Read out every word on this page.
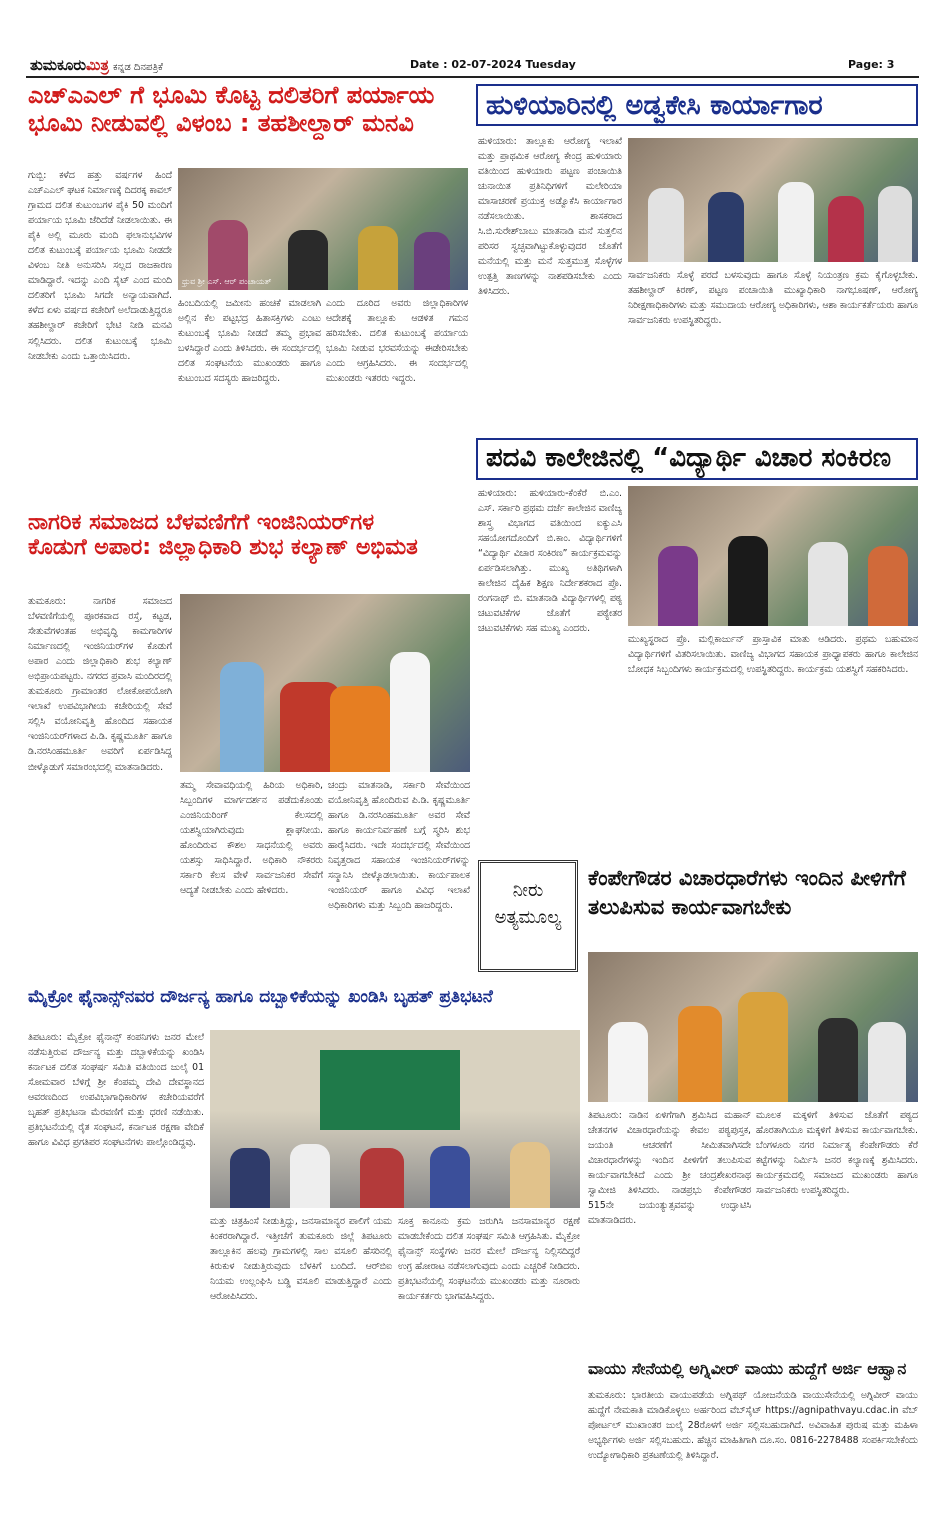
ತುಮಕೂರುಮಿತ್ರ ಕನ್ನಡ ದಿನಪತ್ರಿಕೆ	Date : 02-07-2024 Tuesday	Page: 3
ಎಚ್‌ಎಎಲ್ ಗೆ ಭೂಮಿ ಕೊಟ್ಟ ದಲಿತರಿಗೆ ಪರ್ಯಾಯ
ಭೂಮಿ ನೀಡುವಲ್ಲಿ ವಿಳಂಬ : ತಹಶೀಲ್ದಾರ್ ಮನವಿ
ಗುಬ್ಬಿ: ಕಳೆದ ಹತ್ತು ವರ್ಷಗಳ ಹಿಂದೆ ಎಚ್‌ಎಎಲ್ ಘಟಕ ನಿರ್ಮಾಣಕ್ಕೆ ದಿದರಕ್ಕ ಕಾವಲ್ ಗ್ರಾಮದ ದಲಿತ ಕುಟುಂಬಗಳ ಪೈಕಿ 50 ಮಂದಿಗೆ ಪರ್ಯಾಯ ಭೂಮಿ ಜೆರಿದೆಡೆ ನೀಡಲಾಯಿತು. ಈ ಪೈಕಿ ಅಲ್ಲಿ ಮೂರು ಮಂದಿ ಫಲಾನುಭವಿಗಳ ದಲಿತ ಕುಟುಂಬಕ್ಕೆ ಪರ್ಯಾಯ ಭೂಮಿ ನೀಡದೇ ವಿಳಂಬ ನೀತಿ ಅನುಸರಿಸಿ ಸಲ್ಲದ ರಾಜಕಾರಣ ಮಾಡಿದ್ದಾರೆ. ಇದನ್ನು ಎಂದಿ ಸೈಟ್ ಎಂದ ಮಂದಿ ದಲಿತರಿಗೆ ಭೂಮಿ ಸಿಗದೇ ಅನ್ಯಾಯವಾಗಿದೆ. ಕಳೆದ ಏಳು ವರ್ಷದ ಕಚೇರಿಗೆ ಅಲೆದಾಡುತ್ತಿದ್ದರೂ ತಹಶೀಲ್ದಾರ್ ಕಚೇರಿಗೆ ಭೇಟಿ ನೀಡಿ ಮನವಿ ಸಲ್ಲಿಸಿದರು. ದಲಿತ ಕುಟುಂಬಕ್ಕೆ ಭೂಮಿ ನೀಡಬೇಕು ಎಂದು ಒತ್ತಾಯಿಸಿದರು.
ಧ್ರುವ ಶ್ರೀ ಎಸ್. ಆರ್ ಪಂಚಾಯತ್
ಹಿಂಬದಿಯಲ್ಲಿ ಜಮೀನು ಹಂಚಿಕೆ ಮಾಡಲಾಗಿ ಅಲ್ಲಿನ ಕೆಲ ಪಟ್ಟಭದ್ರ ಹಿತಾಸಕ್ತಿಗಳು ಎಂಟು ಕುಟುಂಬಕ್ಕೆ ಭೂಮಿ ನೀಡದೆ ತಮ್ಮ ಪ್ರಭಾವ ಬಳಸಿದ್ದಾರೆ ಎಂದು ತಿಳಿಸಿದರು. ಈ ಸಂದರ್ಭದಲ್ಲಿ ದಲಿತ ಸಂಘಟನೆಯ ಮುಖಂಡರು ಹಾಗೂ ಕುಟುಂಬದ ಸದಸ್ಯರು ಹಾಜರಿದ್ದರು.
ಎಂದು ದೂರಿದ ಅವರು ಜಿಲ್ಲಾಧಿಕಾರಿಗಳ ಆದೇಶಕ್ಕೆ ತಾಲ್ಲೂಕು ಆಡಳಿತ ಗಮನ ಹರಿಸಬೇಕು. ದಲಿತ ಕುಟುಂಬಕ್ಕೆ ಪರ್ಯಾಯ ಭೂಮಿ ನೀಡುವ ಭರವಸೆಯನ್ನು ಈಡೇರಿಸಬೇಕು ಎಂದು ಆಗ್ರಹಿಸಿದರು. ಈ ಸಂದರ್ಭದಲ್ಲಿ ಮುಖಂಡರು ಇತರರು ಇದ್ದರು.
ಹುಳಿಯಾರಿನಲ್ಲಿ ಅಡ್ವಕೇಸಿ ಕಾರ್ಯಾಗಾರ
ಹುಳಿಯಾರು: ತಾಲ್ಲೂಕು ಆರೋಗ್ಯ ಇಲಾಖೆ ಮತ್ತು ಪ್ರಾಥಮಿಕ ಆರೋಗ್ಯ ಕೇಂದ್ರ ಹುಳಿಯಾರು ವತಿಯಿಂದ ಹುಳಿಯಾರು ಪಟ್ಟಣ ಪಂಚಾಯಿತಿ ಚುನಾಯಿತ ಪ್ರತಿನಿಧಿಗಳಿಗೆ ಮಲೇರಿಯಾ ಮಾಸಾಚರಣೆ ಪ್ರಯುಕ್ತ ಅಡ್ವೊಕೆಸಿ ಕಾರ್ಯಾಗಾರ ನಡೆಸಲಾಯಿತು. ಶಾಸಕರಾದ ಸಿ.ಬಿ.ಸುರೇಶ್‌ಬಾಬು ಮಾತನಾಡಿ ಮನೆ ಸುತ್ತಲಿನ ಪರಿಸರ ಸ್ವಚ್ಛವಾಗಿಟ್ಟುಕೊಳ್ಳುವುದರ ಜೊತೆಗೆ ಮನೆಯಲ್ಲಿ ಮತ್ತು ಮನೆ ಸುತ್ತಮುತ್ತ ಸೊಳ್ಳೆಗಳ ಉತ್ಪತ್ತಿ ತಾಣಗಳನ್ನು ನಾಶಪಡಿಸಬೇಕು ಎಂದು ತಿಳಿಸಿದರು.
ಸಾರ್ವಜನಿಕರು ಸೊಳ್ಳೆ ಪರದೆ ಬಳಸುವುದು ಹಾಗೂ ಸೊಳ್ಳೆ ನಿಯಂತ್ರಣ ಕ್ರಮ ಕೈಗೊಳ್ಳಬೇಕು. ತಹಶೀಲ್ದಾರ್ ಕಿರಣ್, ಪಟ್ಟಣ ಪಂಚಾಯಿತಿ ಮುಖ್ಯಾಧಿಕಾರಿ ನಾಗಭೂಷಣ್, ಆರೋಗ್ಯ ನಿರೀಕ್ಷಣಾಧಿಕಾರಿಗಳು ಮತ್ತು ಸಮುದಾಯ ಆರೋಗ್ಯ ಅಧಿಕಾರಿಗಳು, ಆಶಾ ಕಾರ್ಯಕರ್ತೆಯರು ಹಾಗೂ ಸಾರ್ವಜನಿಕರು ಉಪಸ್ಥಿತರಿದ್ದರು.
ಪದವಿ ಕಾಲೇಜಿನಲ್ಲಿ “ವಿದ್ಯಾರ್ಥಿ ವಿಚಾರ ಸಂಕಿರಣ
ಹುಳಿಯಾರು: ಹುಳಿಯಾರು-ಕೆಂಕೆರೆ ಬಿ.ಎಂ. ಎಸ್. ಸರ್ಕಾರಿ ಪ್ರಥಮ ದರ್ಜೆ ಕಾಲೇಜಿನ ವಾಣಿಜ್ಯ ಶಾಸ್ತ್ರ ವಿಭಾಗದ ವತಿಯಿಂದ ಐಕ್ಯುಎಸಿ ಸಹಯೋಗದೊಂದಿಗೆ ಬಿ.ಕಾಂ. ವಿದ್ಯಾರ್ಥಿಗಳಿಗೆ “ವಿದ್ಯಾರ್ಥಿ ವಿಚಾರ ಸಂಕಿರಣ” ಕಾರ್ಯಕ್ರಮವನ್ನು ಏರ್ಪಡಿಸಲಾಗಿತ್ತು. ಮುಖ್ಯ ಅತಿಥಿಗಳಾಗಿ ಕಾಲೇಜಿನ ದೈಹಿಕ ಶಿಕ್ಷಣ ನಿರ್ದೇಶಕರಾದ ಪ್ರೊ. ರಂಗನಾಥ್ ಬಿ. ಮಾತನಾಡಿ ವಿದ್ಯಾರ್ಥಿಗಳಲ್ಲಿ ಪಠ್ಯ ಚಟುವಟಿಕೆಗಳ ಜೊತೆಗೆ ಪಠ್ಯೇತರ ಚಟುವಟಿಕೆಗಳು ಸಹ ಮುಖ್ಯ ಎಂದರು.
ಮುಖ್ಯಸ್ಥರಾದ ಪ್ರೊ. ಮಲ್ಲಿಕಾರ್ಜುನ್ ಪ್ರಾಸ್ತಾವಿಕ ಮಾತು ಆಡಿದರು. ಪ್ರಥಮ ಬಹುಮಾನ ವಿದ್ಯಾರ್ಥಿಗಳಿಗೆ ವಿತರಿಸಲಾಯಿತು. ವಾಣಿಜ್ಯ ವಿಭಾಗದ ಸಹಾಯಕ ಪ್ರಾಧ್ಯಾಪಕರು ಹಾಗೂ ಕಾಲೇಜಿನ ಬೋಧಕ ಸಿಬ್ಬಂದಿಗಳು ಕಾರ್ಯಕ್ರಮದಲ್ಲಿ ಉಪಸ್ಥಿತರಿದ್ದರು. ಕಾರ್ಯಕ್ರಮ ಯಶಸ್ವಿಗೆ ಸಹಕರಿಸಿದರು.
ನಾಗರಿಕ ಸಮಾಜದ ಬೆಳವಣಿಗೆಗೆ ಇಂಜಿನಿಯರ್‌ಗಳ
ಕೊಡುಗೆ ಅಪಾರ: ಜಿಲ್ಲಾಧಿಕಾರಿ ಶುಭ ಕಲ್ಯಾಣ್ ಅಭಿಮತ
ತುಮಕೂರು: ನಾಗರಿಕ ಸಮಾಜದ ಬೆಳವಣಿಗೆಯಲ್ಲಿ ಪೂರಕವಾದ ರಸ್ತೆ, ಕಟ್ಟಡ, ಸೇತುವೆಗಳಂತಹ ಅಭಿವೃದ್ಧಿ ಕಾಮಗಾರಿಗಳ ನಿರ್ಮಾಣದಲ್ಲಿ ಇಂಜಿನಿಯರ್‌ಗಳ ಕೊಡುಗೆ ಅಪಾರ ಎಂದು ಜಿಲ್ಲಾಧಿಕಾರಿ ಶುಭ ಕಲ್ಯಾಣ್ ಅಭಿಪ್ರಾಯಪಟ್ಟರು. ನಗರದ ಪ್ರವಾಸಿ ಮಂದಿರದಲ್ಲಿ ತುಮಕೂರು ಗ್ರಾಮಾಂತರ ಲೋಕೋಪಯೋಗಿ ಇಲಾಖೆ ಉಪವಿಭಾಗೀಯ ಕಚೇರಿಯಲ್ಲಿ ಸೇವೆ ಸಲ್ಲಿಸಿ ವಯೋನಿವೃತ್ತಿ ಹೊಂದಿದ ಸಹಾಯಕ ಇಂಜಿನಿಯರ್‌ಗಳಾದ ಪಿ.ಡಿ. ಕೃಷ್ಣಮೂರ್ತಿ ಹಾಗೂ ಡಿ.ನರಸಿಂಹಮೂರ್ತಿ ಅವರಿಗೆ ಏರ್ಪಡಿಸಿದ್ದ ಬೀಳ್ಕೊಡುಗೆ ಸಮಾರಂಭದಲ್ಲಿ ಮಾತನಾಡಿದರು.
ತಮ್ಮ ಸೇವಾವಧಿಯಲ್ಲಿ ಹಿರಿಯ ಅಧಿಕಾರಿ, ಸಿಬ್ಬಂದಿಗಳ ಮಾರ್ಗದರ್ಶನ ಪಡೆದುಕೊಂಡು ಎಂಜಿನಿಯರಿಂಗ್ ಕೆಲಸದಲ್ಲಿ ಯಶಸ್ವಿಯಾಗಿರುವುದು ಶ್ಲಾಘನೀಯ. ಹೊಂದಿರುವ ಕೌಶಲ ಸಾಧನೆಯಲ್ಲಿ ಅವರು ಯಶಸ್ಸು ಸಾಧಿಸಿದ್ದಾರೆ. ಅಧಿಕಾರಿ ನೌಕರರು ಸರ್ಕಾರಿ ಕೆಲಸ ವೇಳೆ ಸಾರ್ವಜನಿಕರ ಸೇವೆಗೆ ಆದ್ಯತೆ ನೀಡಬೇಕು ಎಂದು ಹೇಳಿದರು.
ಚಂದ್ರು ಮಾತನಾಡಿ, ಸರ್ಕಾರಿ ಸೇವೆಯಿಂದ ವಯೋನಿವೃತ್ತಿ ಹೊಂದಿರುವ ಪಿ.ಡಿ. ಕೃಷ್ಣಮೂರ್ತಿ ಹಾಗೂ ಡಿ.ನರಸಿಂಹಮೂರ್ತಿ ಅವರ ಸೇವೆ ಹಾಗೂ ಕಾರ್ಯನಿರ್ವಹಣೆ ಬಗ್ಗೆ ಸ್ಮರಿಸಿ ಶುಭ ಹಾರೈಸಿದರು. ಇದೇ ಸಂದರ್ಭದಲ್ಲಿ ಸೇವೆಯಿಂದ ನಿವೃತ್ತರಾದ ಸಹಾಯಕ ಇಂಜಿನಿಯರ್‌ಗಳನ್ನು ಸನ್ಮಾನಿಸಿ ಬೀಳ್ಕೊಡಲಾಯಿತು. ಕಾರ್ಯಪಾಲಕ ಇಂಜಿನಿಯರ್ ಹಾಗೂ ವಿವಿಧ ಇಲಾಖೆ ಅಧಿಕಾರಿಗಳು ಮತ್ತು ಸಿಬ್ಬಂದಿ ಹಾಜರಿದ್ದರು.
ನೀರು
ಅತ್ಯಮೂಲ್ಯ
ಕೆಂಪೇಗೌಡರ ವಿಚಾರಧಾರೆಗಳು ಇಂದಿನ ಪೀಳಿಗೆಗೆ ತಲುಪಿಸುವ ಕಾರ್ಯವಾಗಬೇಕು
ತಿಪಟೂರು: ನಾಡಿನ ಏಳಿಗೆಗಾಗಿ ಶ್ರಮಿಸಿದ ಮಹಾನ್ ಚೇತನಗಳ ವಿಚಾರಧಾರೆಯನ್ನು ಕೇವಲ ಪಠ್ಯಪುಸ್ತಕ, ಜಯಂತಿ ಆಚರಣೆಗೆ ಸೀಮಿತವಾಗಿಸದೇ ವಿಚಾರಧಾರೆಗಳನ್ನು ಇಂದಿನ ಪೀಳಿಗೆಗೆ ತಲುಪಿಸುವ ಕಾರ್ಯವಾಗಬೇಕಿದೆ ಎಂದು ಶ್ರೀ ಚಂದ್ರಶೇಖರನಾಥ ಸ್ವಾಮೀಜಿ ತಿಳಿಸಿದರು. ನಾಡಪ್ರಭು ಕೆಂಪೇಗೌಡರ 515ನೇ ಜಯಂತ್ಯುತ್ಸವವನ್ನು ಉದ್ಘಾಟಿಸಿ ಮಾತನಾಡಿದರು.
ಮೂಲಕ ಮಕ್ಕಳಿಗೆ ತಿಳಿಸುವ ಜೊತೆಗೆ ಪಠ್ಯದ ಹೊರತಾಗಿಯೂ ಮಕ್ಕಳಿಗೆ ತಿಳಿಸುವ ಕಾರ್ಯವಾಗಬೇಕು. ಬೆಂಗಳೂರು ನಗರ ನಿರ್ಮಾತೃ ಕೆಂಪೇಗೌಡರು ಕೆರೆ ಕಟ್ಟೆಗಳನ್ನು ನಿರ್ಮಿಸಿ ಜನರ ಕಲ್ಯಾಣಕ್ಕೆ ಶ್ರಮಿಸಿದರು. ಕಾರ್ಯಕ್ರಮದಲ್ಲಿ ಸಮಾಜದ ಮುಖಂಡರು ಹಾಗೂ ಸಾರ್ವಜನಿಕರು ಉಪಸ್ಥಿತರಿದ್ದರು.
ಮೈಕ್ರೋ ಫೈನಾನ್ಸ್‌ನವರ ದೌರ್ಜನ್ಯ ಹಾಗೂ ದಬ್ಬಾಳಿಕೆಯನ್ನು ಖಂಡಿಸಿ ಬೃಹತ್ ಪ್ರತಿಭಟನೆ
ತಿಪಟೂರು: ಮೈಕ್ರೋ ಫೈನಾನ್ಸ್ ಕಂಪನಿಗಳು ಜನರ ಮೇಲೆ ನಡೆಸುತ್ತಿರುವ ದೌರ್ಜನ್ಯ ಮತ್ತು ದಬ್ಬಾಳಿಕೆಯನ್ನು ಖಂಡಿಸಿ ಕರ್ನಾಟಕ ದಲಿತ ಸಂಘರ್ಷ ಸಮಿತಿ ವತಿಯಿಂದ ಜುಲೈ 01 ಸೋಮವಾರ ಬೆಳಿಗ್ಗೆ ಶ್ರೀ ಕೆಂಪಮ್ಮ ದೇವಿ ದೇವಸ್ಥಾನದ ಆವರಣದಿಂದ ಉಪವಿಭಾಗಾಧಿಕಾರಿಗಳ ಕಚೇರಿಯವರೆಗೆ ಬೃಹತ್ ಪ್ರತಿಭಟನಾ ಮೆರವಣಿಗೆ ಮತ್ತು ಧರಣಿ ನಡೆಯಿತು. ಪ್ರತಿಭಟನೆಯಲ್ಲಿ ರೈತ ಸಂಘಟನೆ, ಕರ್ನಾಟಕ ರಕ್ಷಣಾ ವೇದಿಕೆ ಹಾಗೂ ವಿವಿಧ ಪ್ರಗತಿಪರ ಸಂಘಟನೆಗಳು ಪಾಲ್ಗೊಂಡಿದ್ದವು.
ಮತ್ತು ಚಿತ್ರಹಿಂಸೆ ನೀಡುತ್ತಿದ್ದು, ಜನಸಾಮಾನ್ಯರ ಪಾಲಿಗೆ ಯಮ ಕಿಂಕರರಾಗಿದ್ದಾರೆ. ಇತ್ತೀಚೆಗೆ ತುಮಕೂರು ಜಿಲ್ಲೆ ತಿಪಟೂರು ತಾಲ್ಲೂಕಿನ ಹಲವು ಗ್ರಾಮಗಳಲ್ಲಿ ಸಾಲ ವಸೂಲಿ ಹೆಸರಿನಲ್ಲಿ ಕಿರುಕುಳ ನೀಡುತ್ತಿರುವುದು ಬೆಳಕಿಗೆ ಬಂದಿದೆ. ಆರ್‌ಬಿಐ ನಿಯಮ ಉಲ್ಲಂಘಿಸಿ ಬಡ್ಡಿ ವಸೂಲಿ ಮಾಡುತ್ತಿದ್ದಾರೆ ಎಂದು ಆರೋಪಿಸಿದರು.
ಸೂಕ್ತ ಕಾನೂನು ಕ್ರಮ ಜರುಗಿಸಿ ಜನಸಾಮಾನ್ಯರ ರಕ್ಷಣೆ ಮಾಡಬೇಕೆಂದು ದಲಿತ ಸಂಘರ್ಷ ಸಮಿತಿ ಆಗ್ರಹಿಸಿತು. ಮೈಕ್ರೋ ಫೈನಾನ್ಸ್ ಸಂಸ್ಥೆಗಳು ಜನರ ಮೇಲೆ ದೌರ್ಜನ್ಯ ನಿಲ್ಲಿಸದಿದ್ದರೆ ಉಗ್ರ ಹೋರಾಟ ನಡೆಸಲಾಗುವುದು ಎಂದು ಎಚ್ಚರಿಕೆ ನೀಡಿದರು. ಪ್ರತಿಭಟನೆಯಲ್ಲಿ ಸಂಘಟನೆಯ ಮುಖಂಡರು ಮತ್ತು ನೂರಾರು ಕಾರ್ಯಕರ್ತರು ಭಾಗವಹಿಸಿದ್ದರು.
ವಾಯು ಸೇನೆಯಲ್ಲಿ ಅಗ್ನಿವೀರ್ ವಾಯು ಹುದ್ದೆಗೆ ಅರ್ಜಿ ಆಹ್ವಾನ
ತುಮಕೂರು: ಭಾರತೀಯ ವಾಯುಪಡೆಯ ಅಗ್ನಿಪಥ್ ಯೋಜನೆಯಡಿ ವಾಯುಸೇನೆಯಲ್ಲಿ ಅಗ್ನಿವೀರ್ ವಾಯು ಹುದ್ದೆಗೆ ನೇಮಕಾತಿ ಮಾಡಿಕೊಳ್ಳಲು ಅರ್ಹರಿಂದ ವೆಬ್‌ಸೈಟ್ https://agnipathvayu.cdac.in ವೆಬ್ ಪೋರ್ಟಲ್ ಮುಖಾಂತರ ಜುಲೈ 28ರೊಳಗೆ ಅರ್ಜಿ ಸಲ್ಲಿಸಬಹುದಾಗಿದೆ. ಅವಿವಾಹಿತ ಪುರುಷ ಮತ್ತು ಮಹಿಳಾ ಅಭ್ಯರ್ಥಿಗಳು ಅರ್ಜಿ ಸಲ್ಲಿಸಬಹುದು. ಹೆಚ್ಚಿನ ಮಾಹಿತಿಗಾಗಿ ದೂ.ಸಂ. 0816-2278488 ಸಂಪರ್ಕಿಸಬೇಕೆಂದು ಉದ್ಯೋಗಾಧಿಕಾರಿ ಪ್ರಕಟಣೆಯಲ್ಲಿ ತಿಳಿಸಿದ್ದಾರೆ.
